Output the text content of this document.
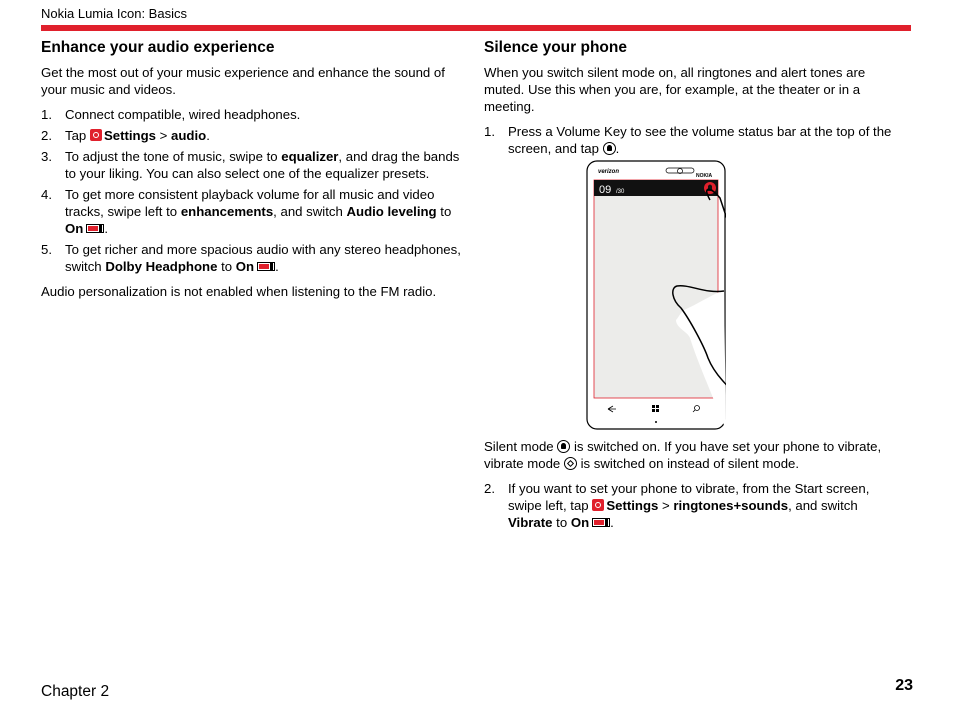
Nokia Lumia Icon: Basics
Enhance your audio experience

Get the most out of your music experience and enhance the sound of your music and videos.

1. Connect compatible, wired headphones.
2. Tap Settings > audio.
3. To adjust the tone of music, swipe to equalizer, and drag the bands to your liking. You can also select one of the equalizer presets.
4. To get more consistent playback volume for all music and video tracks, swipe left to enhancements, and switch Audio leveling to On .
5. To get richer and more spacious audio with any stereo headphones, switch Dolby Headphone to On .

Audio personalization is not enabled when listening to the FM radio.

Silence your phone

When you switch silent mode on, all ringtones and alert tones are muted. Use this when you are, for example, at the theater or in a meeting.

1. Press a Volume Key to see the volume status bar at the top of the screen, and tap .
verizon
NOKIA
09 /30

Silent mode is switched on. If you have set your phone to vibrate, vibrate mode is switched on instead of silent mode.

2. If you want to set your phone to vibrate, from the Start screen, swipe left, tap Settings > ringtones+sounds, and switch Vibrate to On .
Chapter 2	23
